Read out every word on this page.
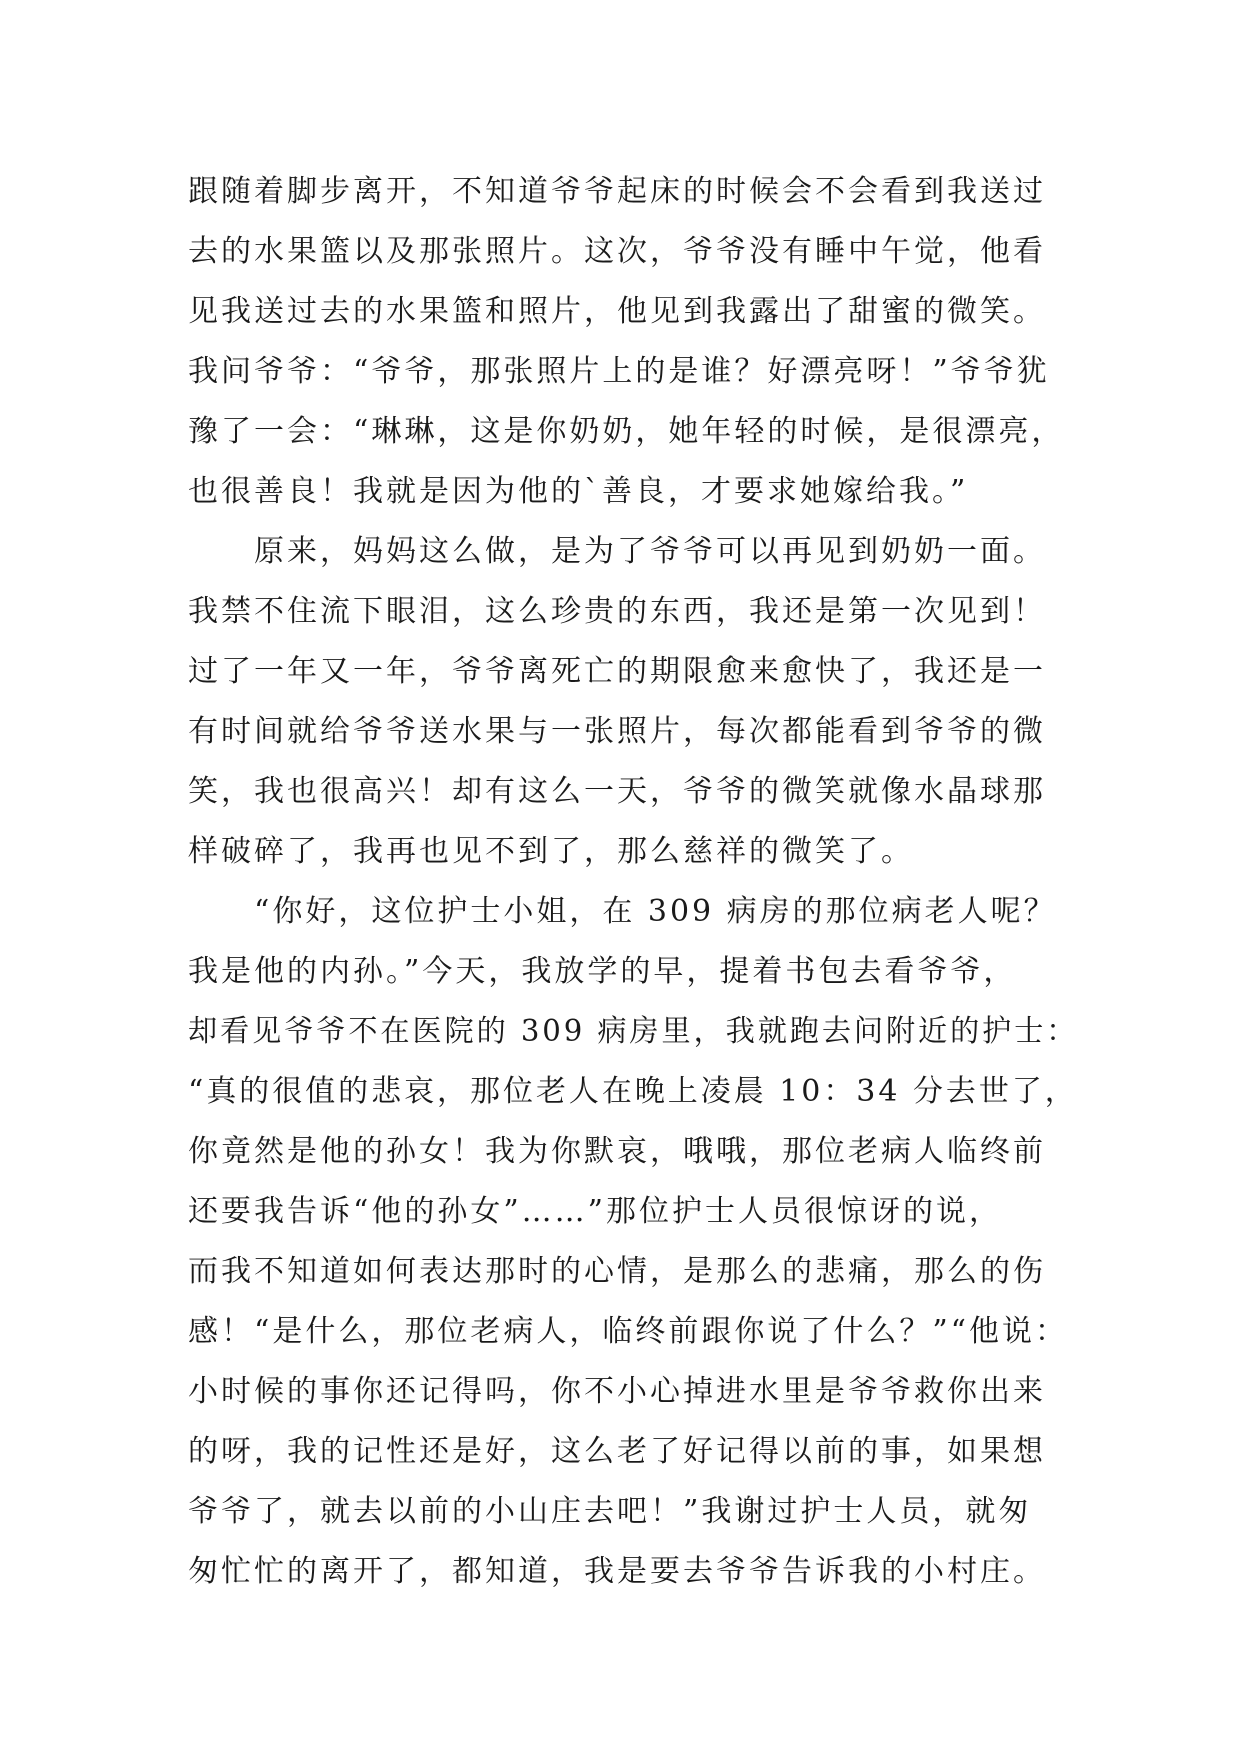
跟随着脚步离开，不知道爷爷起床的时候会不会看到我送过
去的水果篮以及那张照片。这次，爷爷没有睡中午觉，他看
见我送过去的水果篮和照片，他见到我露出了甜蜜的微笑。
我问爷爷：“爷爷，那张照片上的是谁？好漂亮呀！”爷爷犹
豫了一会：“琳琳，这是你奶奶，她年轻的时候，是很漂亮，
也很善良！我就是因为他的`善良，才要求她嫁给我。”
　　原来，妈妈这么做，是为了爷爷可以再见到奶奶一面。
我禁不住流下眼泪，这么珍贵的东西，我还是第一次见到！
过了一年又一年，爷爷离死亡的期限愈来愈快了，我还是一
有时间就给爷爷送水果与一张照片，每次都能看到爷爷的微
笑，我也很高兴！却有这么一天，爷爷的微笑就像水晶球那
样破碎了，我再也见不到了，那么慈祥的微笑了。
　　“你好，这位护士小姐，在 309 病房的那位病老人呢？
我是他的内孙。”今天，我放学的早，提着书包去看爷爷，
却看见爷爷不在医院的 309 病房里，我就跑去问附近的护士：
“真的很值的悲哀，那位老人在晚上凌晨 10：34 分去世了，
你竟然是他的孙女！我为你默哀，哦哦，那位老病人临终前
还要我告诉“他的孙女”……”那位护士人员很惊讶的说，
而我不知道如何表达那时的心情，是那么的悲痛，那么的伤
感！“是什么，那位老病人，临终前跟你说了什么？”“他说：
小时候的事你还记得吗，你不小心掉进水里是爷爷救你出来
的呀，我的记性还是好，这么老了好记得以前的事，如果想
爷爷了，就去以前的小山庄去吧！”我谢过护士人员，就匆
匆忙忙的离开了，都知道，我是要去爷爷告诉我的小村庄。
